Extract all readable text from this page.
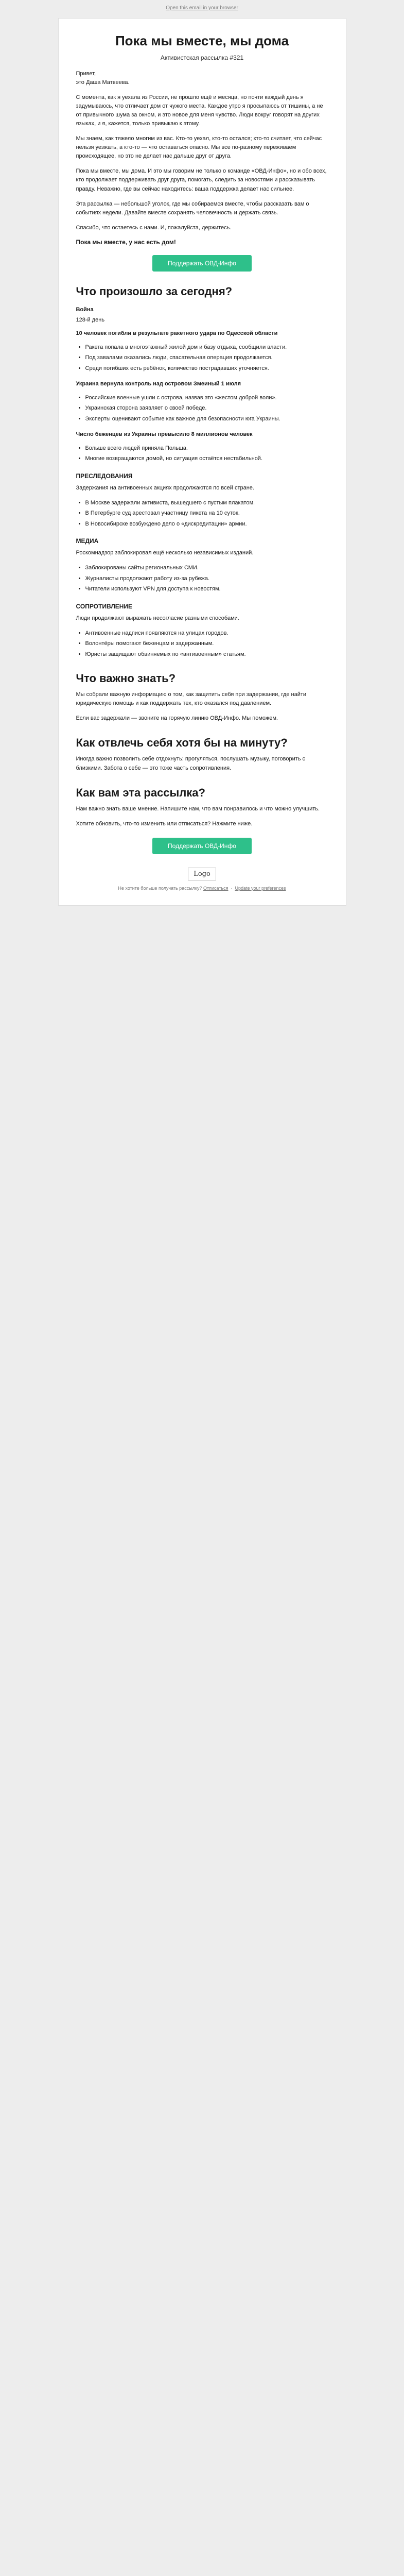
Open this email in your browser
Пока мы вместе, мы дома
Активистская рассылка #321

Привет,
это Даша Матвеева.

С момента, как я уехала из России, не прошло ещё и месяца, но почти каждый день я задумываюсь, что отличает дом от чужого места. Каждое утро я просыпаюсь от тишины, а не от привычного шума за окном, и это новое для меня чувство. Люди вокруг говорят на других языках, и я, кажется, только привыкаю к этому.

Мы знаем, как тяжело многим из вас. Кто-то уехал, кто-то остался; кто-то считает, что сейчас нельзя уезжать, а кто-то — что оставаться опасно. Мы все по-разному переживаем происходящее, но это не делает нас дальше друг от друга.

Пока мы вместе, мы дома. И это мы говорим не только о команде «ОВД-Инфо», но и обо всех, кто продолжает поддерживать друг друга, помогать, следить за новостями и рассказывать правду. Неважно, где вы сейчас находитесь: ваша поддержка делает нас сильнее.

Эта рассылка — небольшой уголок, где мы собираемся вместе, чтобы рассказать вам о событиях недели. Давайте вместе сохранять человечность и держать связь.

Спасибо, что остаетесь с нами. И, пожалуйста, держитесь.

Пока мы вместе, у нас есть дом!
Поддержать ОВД-Инфо
Что произошло за сегодня?
Война
128-й день
10 человек погибли в результате ракетного удара по Одесской области
• Ракета попала в многоэтажный жилой дом и базу отдыха, сообщили власти.
• Под завалами оказались люди, спасательная операция продолжается.
• Среди погибших есть ребёнок, количество пострадавших уточняется.
Украина вернула контроль над островом Змеиный 1 июля
• Российские военные ушли с острова, назвав это «жестом доброй воли».
• Украинская сторона заявляет о своей победе.
• Эксперты оценивают событие как важное для безопасности юга Украины.
Число беженцев из Украины превысило 8 миллионов человек
• Больше всего людей приняла Польша.
• Многие возвращаются домой, но ситуация остаётся нестабильной.
ПРЕСЛЕДОВАНИЯ

Задержания на антивоенных акциях продолжаются по всей стране.

• В Москве задержали активиста, вышедшего с пустым плакатом.
• В Петербурге суд арестовал участницу пикета на 10 суток.
• В Новосибирске возбуждено дело о «дискредитации» армии.
МЕДИА

Роскомнадзор заблокировал ещё несколько независимых изданий.

• Заблокированы сайты региональных СМИ.
• Журналисты продолжают работу из-за рубежа.
• Читатели используют VPN для доступа к новостям.
СОПРОТИВЛЕНИЕ

Люди продолжают выражать несогласие разными способами.

• Антивоенные надписи появляются на улицах городов.
• Волонтёры помогают беженцам и задержанным.
• Юристы защищают обвиняемых по «антивоенным» статьям.
Что важно знать?

Мы собрали важную информацию о том, как защитить себя при задержании, где найти юридическую помощь и как поддержать тех, кто оказался под давлением.

Если вас задержали — звоните на горячую линию ОВД-Инфо. Мы поможем.

Как отвлечь себя хотя бы на минуту?

Иногда важно позволить себе отдохнуть: прогуляться, послушать музыку, поговорить с близкими. Забота о себе — это тоже часть сопротивления.

Как вам эта рассылка?

Нам важно знать ваше мнение. Напишите нам, что вам понравилось и что можно улучшить.

Хотите обновить, что-то изменить или отписаться? Нажмите ниже.

Поддержать ОВД-Инфо
Logo
Не хотите больше получать рассылку? Отписаться  ·  Update your preferences
